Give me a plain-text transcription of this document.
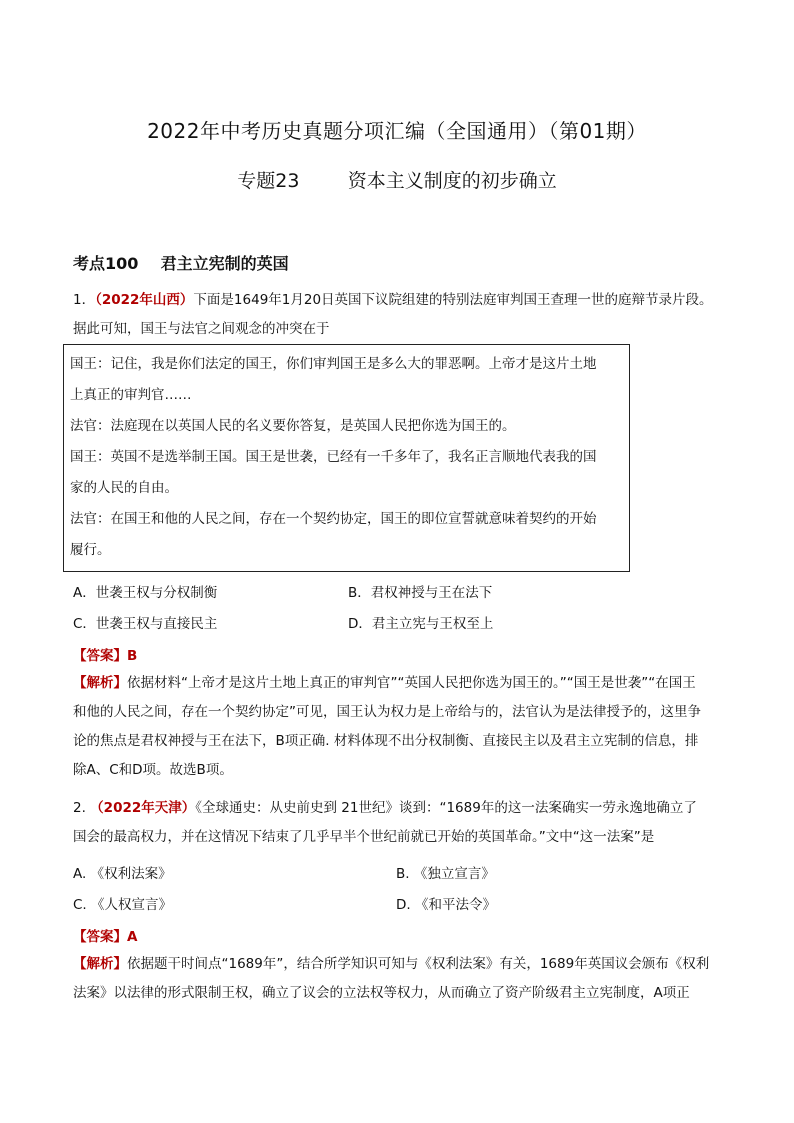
2022年中考历史真题分项汇编（全国通用）（第01期）
专题23        资本主义制度的初步确立
考点100    君主立宪制的英国
1．（2022年山西）下面是1649年1月20日英国下议院组建的特别法庭审判国王查理一世的庭辩节录片段。
据此可知，国王与法官之间观念的冲突在于
国王：记住，我是你们法定的国王，你们审判国王是多么大的罪恶啊。上帝才是这片土地
上真正的审判官……
法官：法庭现在以英国人民的名义要你答复，是英国人民把你选为国王的。
国王：英国不是选举制王国。国王是世袭，已经有一千多年了，我名正言顺地代表我的国
家的人民的自由。
法官：在国王和他的人民之间，存在一个契约协定，国王的即位宣誓就意味着契约的开始
履行。
A．世袭王权与分权制衡	B．君权神授与王在法下
C．世袭王权与直接民主	D．君主立宪与王权至上
【答案】B
【解析】依据材料“上帝才是这片土地上真正的审判官”“英国人民把你选为国王的。”“国王是世袭”“在国王
和他的人民之间，存在一个契约协定”可见，国王认为权力是上帝给与的，法官认为是法律授予的，这里争
论的焦点是君权神授与王在法下，B项正确. 材料体现不出分权制衡、直接民主以及君主立宪制的信息，排
除A、C和D项。故选B项。
2. （2022年天津）《全球通史：从史前史到 21世纪》谈到：“1689年的这一法案确实一劳永逸地确立了
国会的最高权力，并在这情况下结束了几乎早半个世纪前就已开始的英国革命。”文中“这一法案”是
A. 《权利法案》	B. 《独立宣言》
C. 《人权宣言》	D. 《和平法令》
【答案】A
【解析】依据题干时间点“1689年”，结合所学知识可知与《权利法案》有关，1689年英国议会颁布《权利
法案》以法律的形式限制王权，确立了议会的立法权等权力，从而确立了资产阶级君主立宪制度，A项正
